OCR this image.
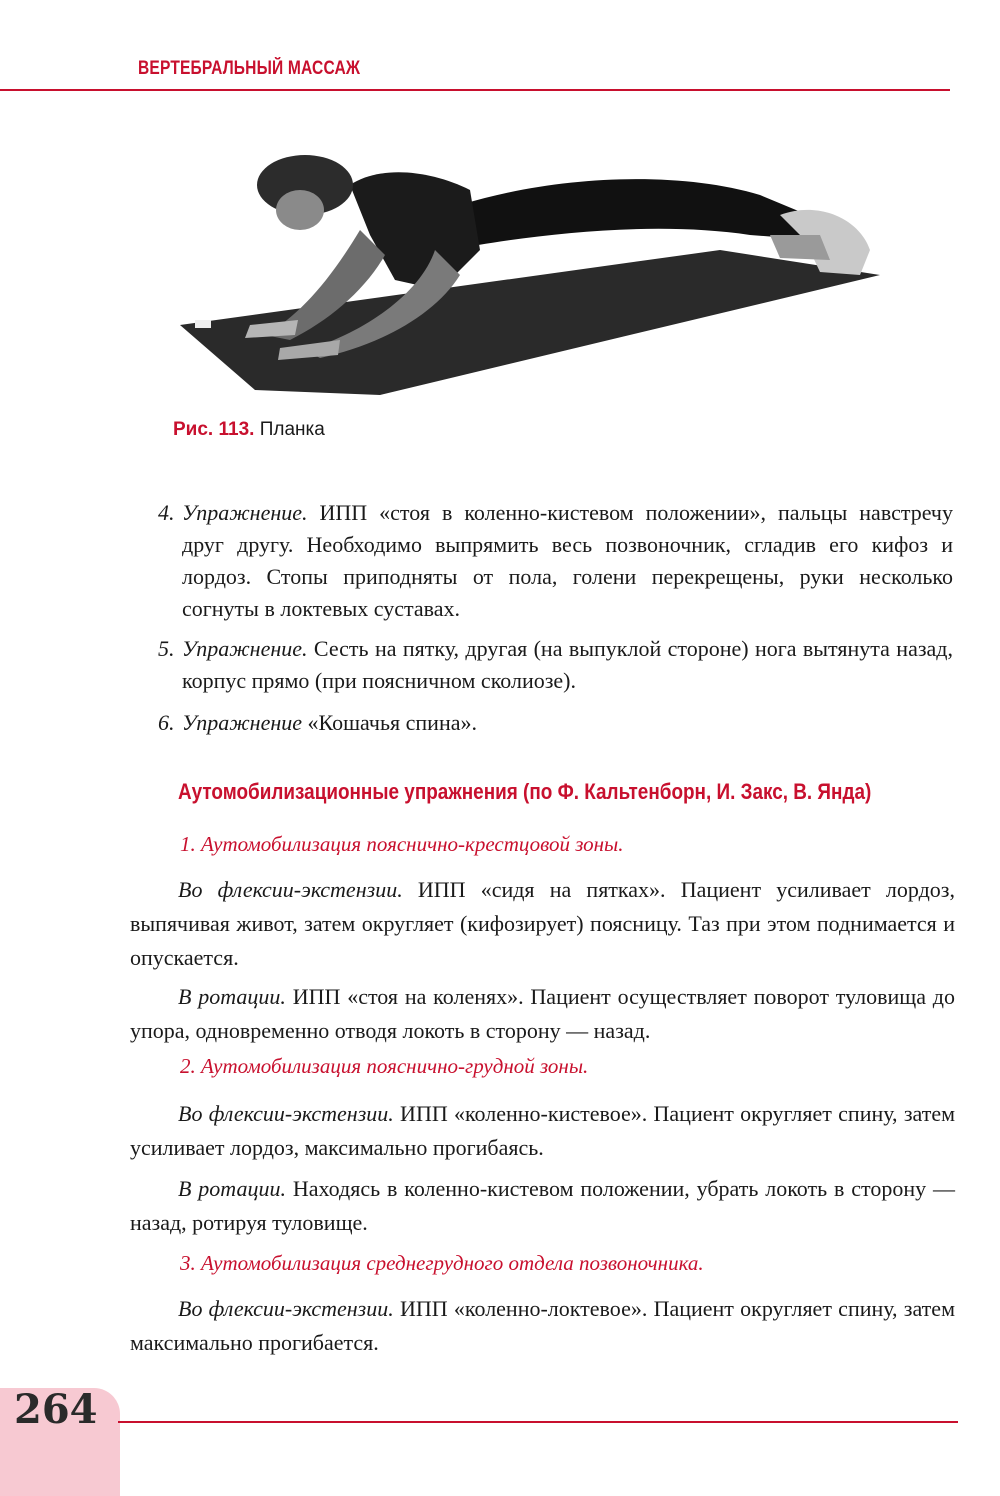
ВЕРТЕБРАЛЬНЫЙ МАССАЖ
Рис. 113. Планка
4. Упражнение. ИПП «стоя в коленно-кистевом положении», пальцы навстречу друг другу. Необходимо выпрямить весь позвоночник, сгладив его кифоз и лордоз. Стопы приподняты от пола, голени перекрещены, руки несколько согнуты в локтевых суставах.
5. Упражнение. Сесть на пятку, другая (на выпуклой стороне) нога вытянута назад, корпус прямо (при поясничном сколиозе).
6. Упражнение «Кошачья спина».
Аутомобилизационные упражнения (по Ф. Кальтенборн, И. Закс, В. Янда)
1. Аутомобилизация пояснично-крестцовой зоны.
Во флексии-экстензии. ИПП «сидя на пятках». Пациент усиливает лордоз, выпячивая живот, затем округляет (кифозирует) поясницу. Таз при этом поднимается и опускается.
В ротации. ИПП «стоя на коленях». Пациент осуществляет поворот туловища до упора, одновременно отводя локоть в сторону — назад.
2. Аутомобилизация пояснично-грудной зоны.
Во флексии-экстензии. ИПП «коленно-кистевое». Пациент округляет спину, затем усиливает лордоз, максимально прогибаясь.
В ротации. Находясь в коленно-кистевом положении, убрать локоть в сторону — назад, ротируя туловище.
3. Аутомобилизация среднегрудного отдела позвоночника.
Во флексии-экстензии. ИПП «коленно-локтевое». Пациент округляет спину, затем максимально прогибается.
264
